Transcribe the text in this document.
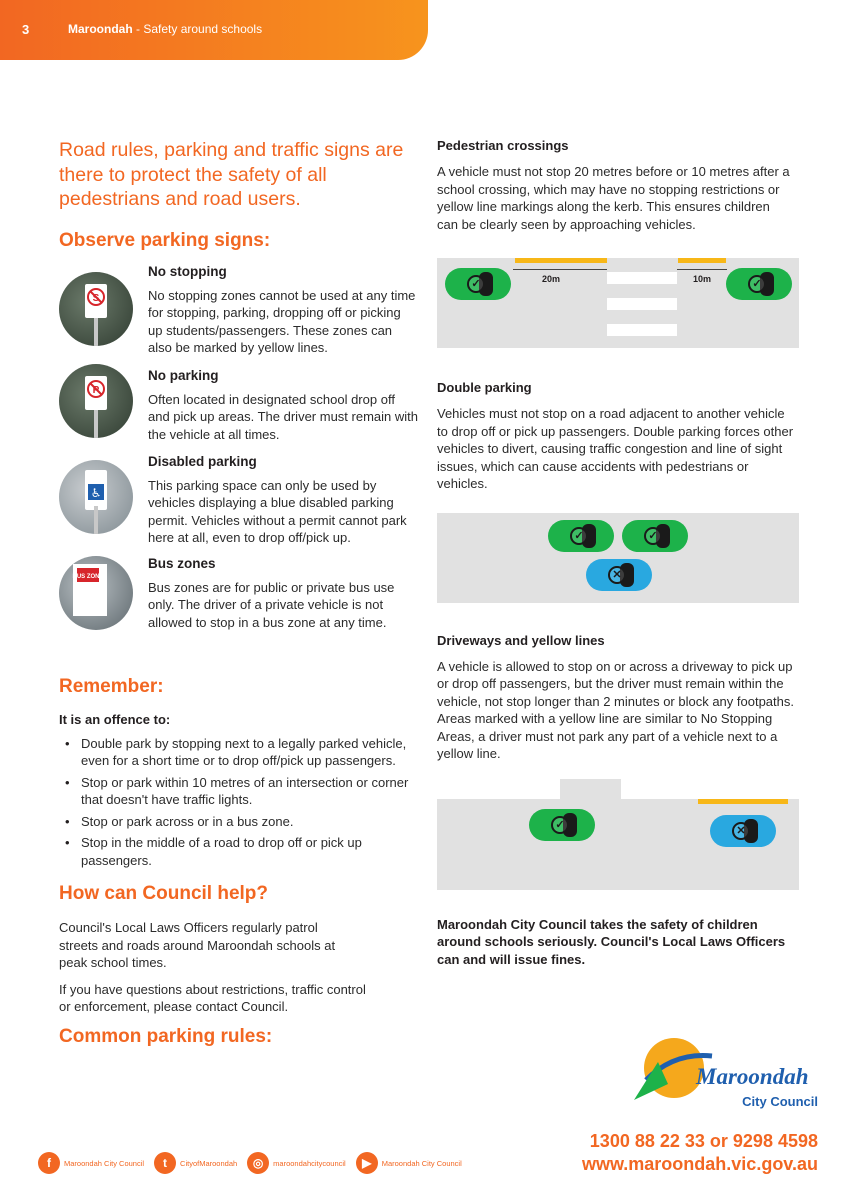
3	Maroondah - Safety around schools

Road rules, parking and traffic signs are there to protect the safety of all pedestrians and road users.

Observe parking signs:
S
No stopping

No stopping zones cannot be used at any time for stopping, parking, dropping off or picking up students/passengers. These zones can also be marked by yellow lines.

P
No parking

Often located in designated school drop off and pick up areas. The driver must remain with the vehicle at all times.

♿
Disabled parking

This parking space can only be used by vehicles displaying a blue disabled parking permit. Vehicles without a permit cannot park here at all, even to drop off/pick up.

BUS ZONE
Bus zones

Bus zones are for public or private bus use only. The driver of a private vehicle is not allowed to stop in a bus zone at any time.

Remember:
It is an offence to:
• Double park by stopping next to a legally parked vehicle, even for a short time or to drop off/pick up passengers.
• Stop or park within 10 metres of an intersection or corner that doesn't have traffic lights.
• Stop or park across or in a bus zone.
• Stop in the middle of a road to drop off or pick up passengers.
How can Council help?

Council's Local Laws Officers regularly patrol streets and roads around Maroondah schools at peak school times.

If you have questions about restrictions, traffic control or enforcement, please contact Council.

Common parking rules:
Pedestrian crossings

A vehicle must not stop 20 metres before or 10 metres after a school crossing, which may have no stopping restrictions or yellow line markings along the kerb. This ensures children can be clearly seen by approaching vehicles.

20m	10m
✓	✓
Double parking

Vehicles must not stop on a road adjacent to another vehicle to drop off or pick up passengers. Double parking forces other vehicles to divert, causing traffic congestion and line of sight issues, which can cause accidents with pedestrians or vehicles.

✓	✓
✕
Driveways and yellow lines

A vehicle is allowed to stop on or across a driveway to pick up or drop off passengers, but the driver must remain within the vehicle, not stop longer than 2 minutes or block any footpaths. Areas marked with a yellow line are similar to No Stopping Areas, a driver must not park any part of a vehicle next to a yellow line.

✓	✕

Maroondah City Council takes the safety of children around schools seriously. Council's Local Laws Officers can and will issue fines.

Maroondah
City Council
1300 88 22 33 or 9298 4598
www.maroondah.vic.gov.au
f	Maroondah City Council	t	CityofMaroondah	◎	maroondahcitycouncil	▶	Maroondah City Council
